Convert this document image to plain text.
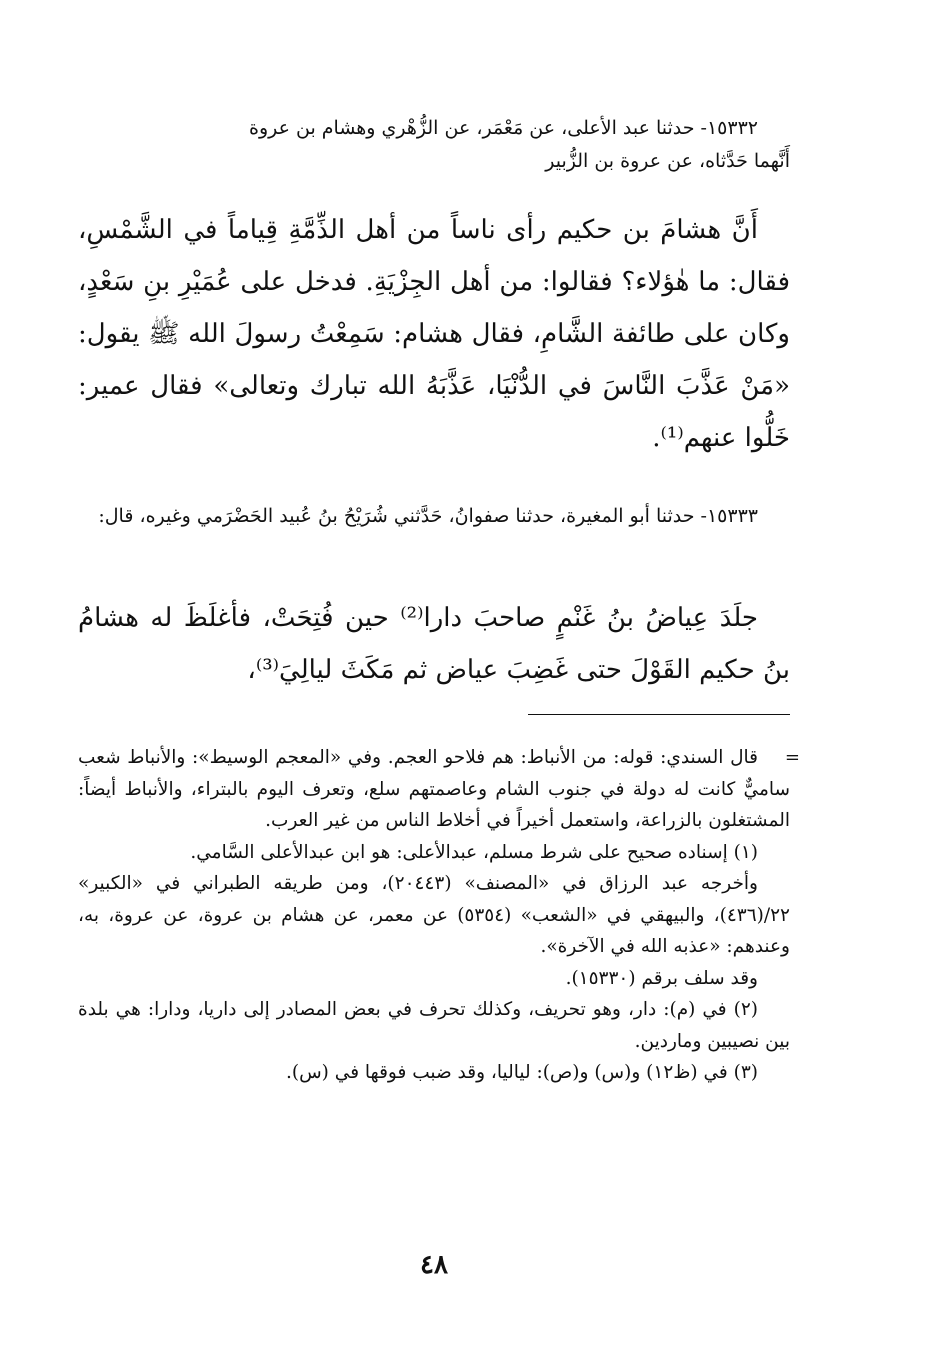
١٥٣٣٢- حدثنا عبد الأعلى، عن مَعْمَر، عن الزُّهْري وهشام بن عروة

أَنَّهما حَدَّثاه، عن عروة بن الزُّبير

أَنَّ هشامَ بن حكيم رأى ناساً من أهل الذِّمَّةِ قِياماً في الشَّمْسِ، فقال: ما هٰؤلاء؟ فقالوا: من أهل الجِزْيَةِ. فدخل على عُمَيْرِ بنِ سَعْدٍ، وكان على طائفة الشَّامِ، فقال هشام: سَمِعْتُ رسولَ الله ﷺ يقول: «مَنْ عَذَّبَ النَّاسَ في الدُّنْيَا، عَذَّبَهُ الله تبارك وتعالى» فقال عمير: خَلُّوا عنهم⁽¹⁾.

١٥٣٣٣- حدثنا أبو المغيرة، حدثنا صفوانُ، حَدَّثني شُرَيْحُ بنُ عُبيد الحَضْرَمي وغيره، قال:

جلَدَ عِياضُ بنُ غَنْمٍ صاحبَ دارا⁽²⁾ حين فُتِحَتْ، فأغلَظَ له هشامُ بنُ حكيم القَوْلَ حتى غَضِبَ عياض ثم مَكَثَ ليالِيَ⁽³⁾،

=

قال السندي: قوله: من الأنباط: هم فلاحو العجم. وفي «المعجم الوسيط»: والأنباط شعب ساميٌّ كانت له دولة في جنوب الشام وعاصمتهم سلع، وتعرف اليوم بالبتراء، والأنباط أيضاً: المشتغلون بالزراعة، واستعمل أخيراً في أخلاط الناس من غير العرب.

(١) إسناده صحيح على شرط مسلم، عبدالأعلى: هو ابن عبدالأعلى السَّامي.

وأخرجه عبد الرزاق في «المصنف» (٢٠٤٤٣)، ومن طريقه الطبراني في «الكبير» ٢٢/(٤٣٦)، والبيهقي في «الشعب» (٥٣٥٤) عن معمر، عن هشام بن عروة، عن عروة، به، وعندهم: «عذبه الله في الآخرة».

وقد سلف برقم (١٥٣٣٠).

(٢) في (م): دار، وهو تحريف، وكذلك تحرف في بعض المصادر إلى داريا، ودارا: هي بلدة بين نصيبين وماردين.

(٣) في (ظ١٢) و(س) و(ص): لياليا، وقد ضبب فوقها في (س).

٤٨
